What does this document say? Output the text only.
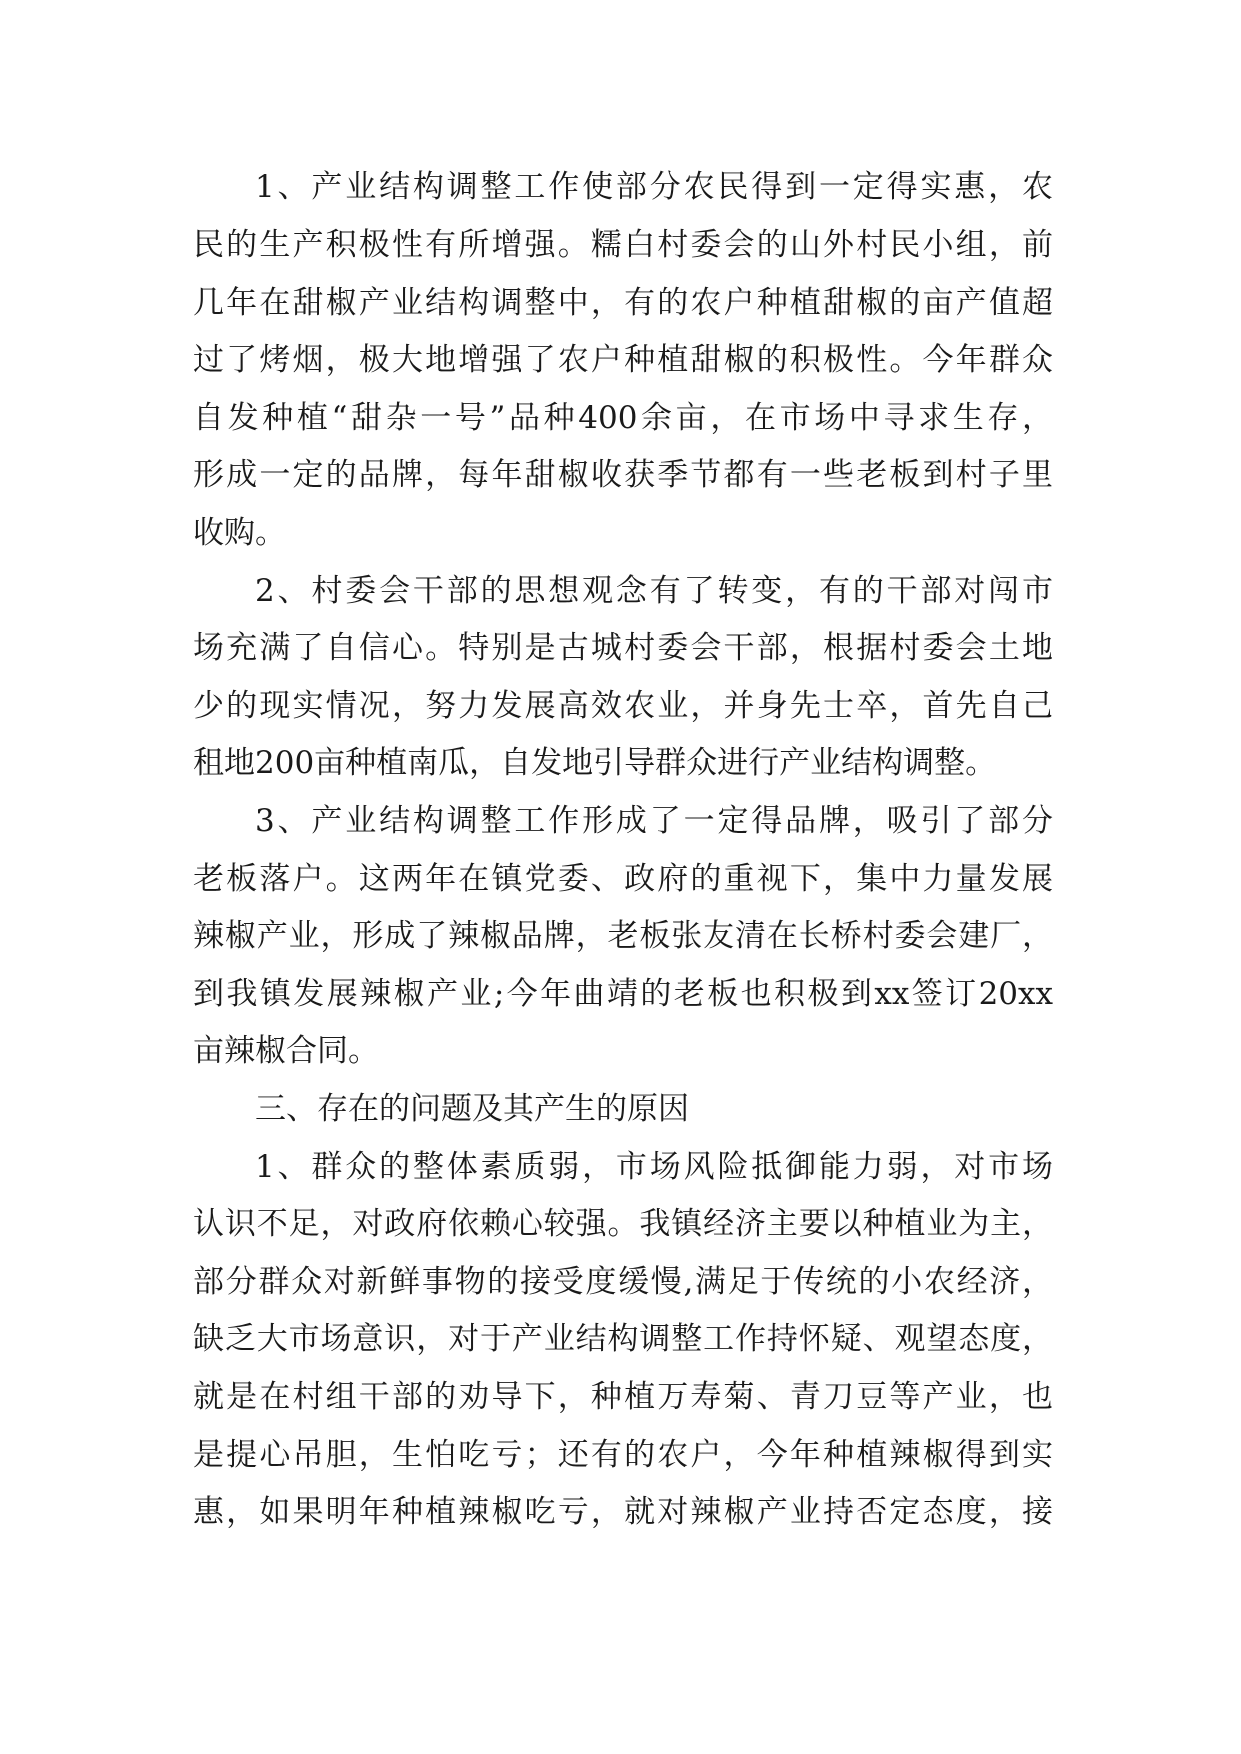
1、产业结构调整工作使部分农民得到一定得实惠，农
民的生产积极性有所增强。糯白村委会的山外村民小组，前
几年在甜椒产业结构调整中，有的农户种植甜椒的亩产值超
过了烤烟，极大地增强了农户种植甜椒的积极性。今年群众
自发种植“甜杂一号”品种400余亩，在市场中寻求生存，
形成一定的品牌，每年甜椒收获季节都有一些老板到村子里
收购。
2、村委会干部的思想观念有了转变，有的干部对闯市
场充满了自信心。特别是古城村委会干部，根据村委会土地
少的现实情况，努力发展高效农业，并身先士卒，首先自己
租地200亩种植南瓜，自发地引导群众进行产业结构调整。
3、产业结构调整工作形成了一定得品牌，吸引了部分
老板落户。这两年在镇党委、政府的重视下，集中力量发展
辣椒产业，形成了辣椒品牌，老板张友清在长桥村委会建厂，
到我镇发展辣椒产业;今年曲靖的老板也积极到xx签订20xx
亩辣椒合同。
三、存在的问题及其产生的原因
1、群众的整体素质弱，市场风险抵御能力弱，对市场
认识不足，对政府依赖心较强。我镇经济主要以种植业为主，
部分群众对新鲜事物的接受度缓慢,满足于传统的小农经济，
缺乏大市场意识，对于产业结构调整工作持怀疑、观望态度，
就是在村组干部的劝导下，种植万寿菊、青刀豆等产业，也
是提心吊胆，生怕吃亏；还有的农户，今年种植辣椒得到实
惠，如果明年种植辣椒吃亏，就对辣椒产业持否定态度，接
